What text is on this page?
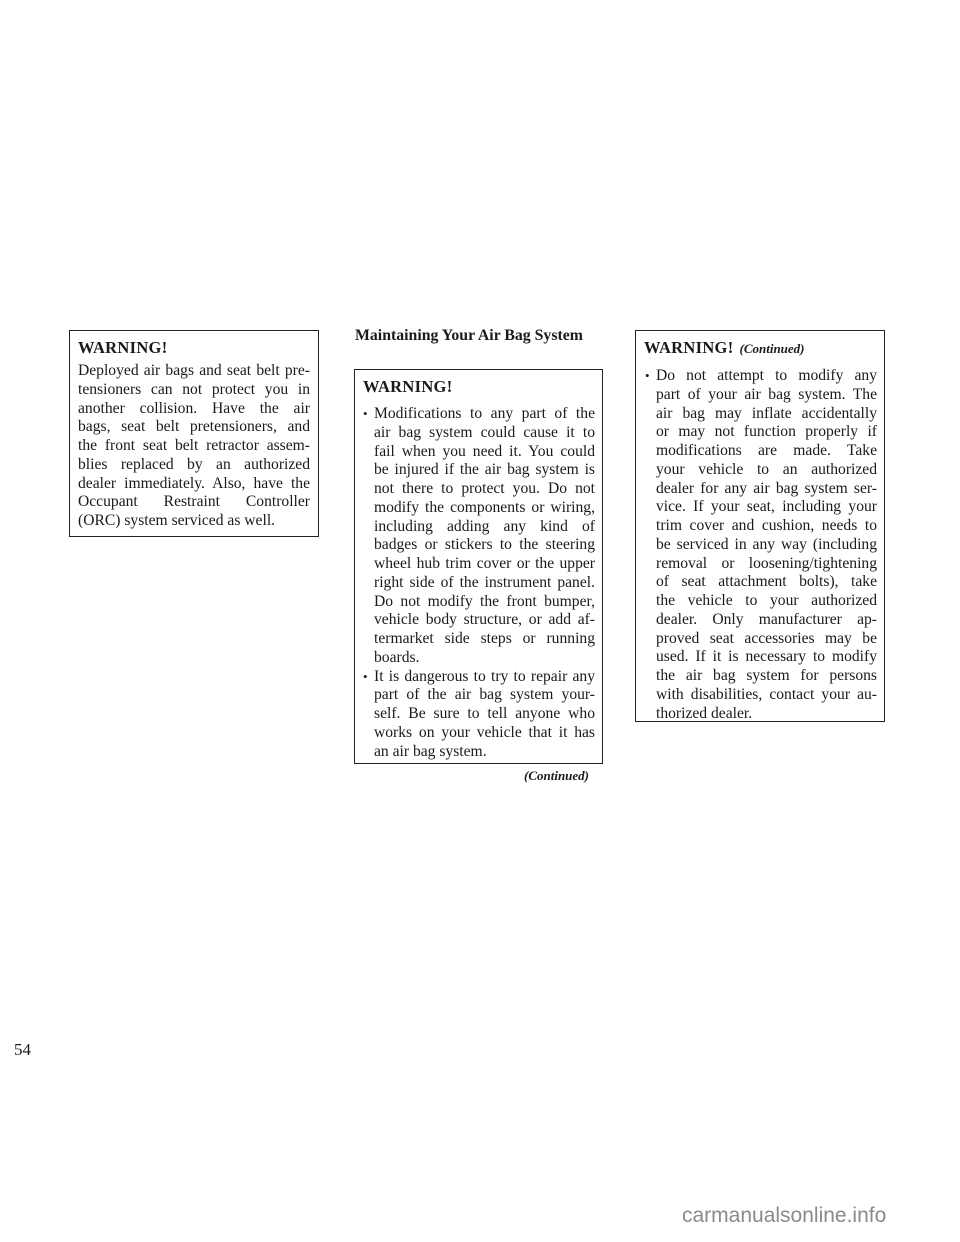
WARNING!
Deployed air bags and seat belt pre-
tensioners can not protect you in
another collision. Have the air
bags, seat belt pretensioners, and
the front seat belt retractor assem-
blies replaced by an authorized
dealer immediately. Also, have the
Occupant Restraint Controller
(ORC) system serviced as well.
Maintaining Your Air Bag System
WARNING!
• Modifications to any part of the
air bag system could cause it to
fail when you need it. You could
be injured if the air bag system is
not there to protect you. Do not
modify the components or wiring,
including adding any kind of
badges or stickers to the steering
wheel hub trim cover or the upper
right side of the instrument panel.
Do not modify the front bumper,
vehicle body structure, or add af-
termarket side steps or running
boards.
• It is dangerous to try to repair any
part of the air bag system your-
self. Be sure to tell anyone who
works on your vehicle that it has
an air bag system.
(Continued)
WARNING! (Continued)
• Do not attempt to modify any
part of your air bag system. The
air bag may inflate accidentally
or may not function properly if
modifications are made. Take
your vehicle to an authorized
dealer for any air bag system ser-
vice. If your seat, including your
trim cover and cushion, needs to
be serviced in any way (including
removal or loosening/tightening
of seat attachment bolts), take
the vehicle to your authorized
dealer. Only manufacturer ap-
proved seat accessories may be
used. If it is necessary to modify
the air bag system for persons
with disabilities, contact your au-
thorized dealer.
54
carmanualsonline.info
